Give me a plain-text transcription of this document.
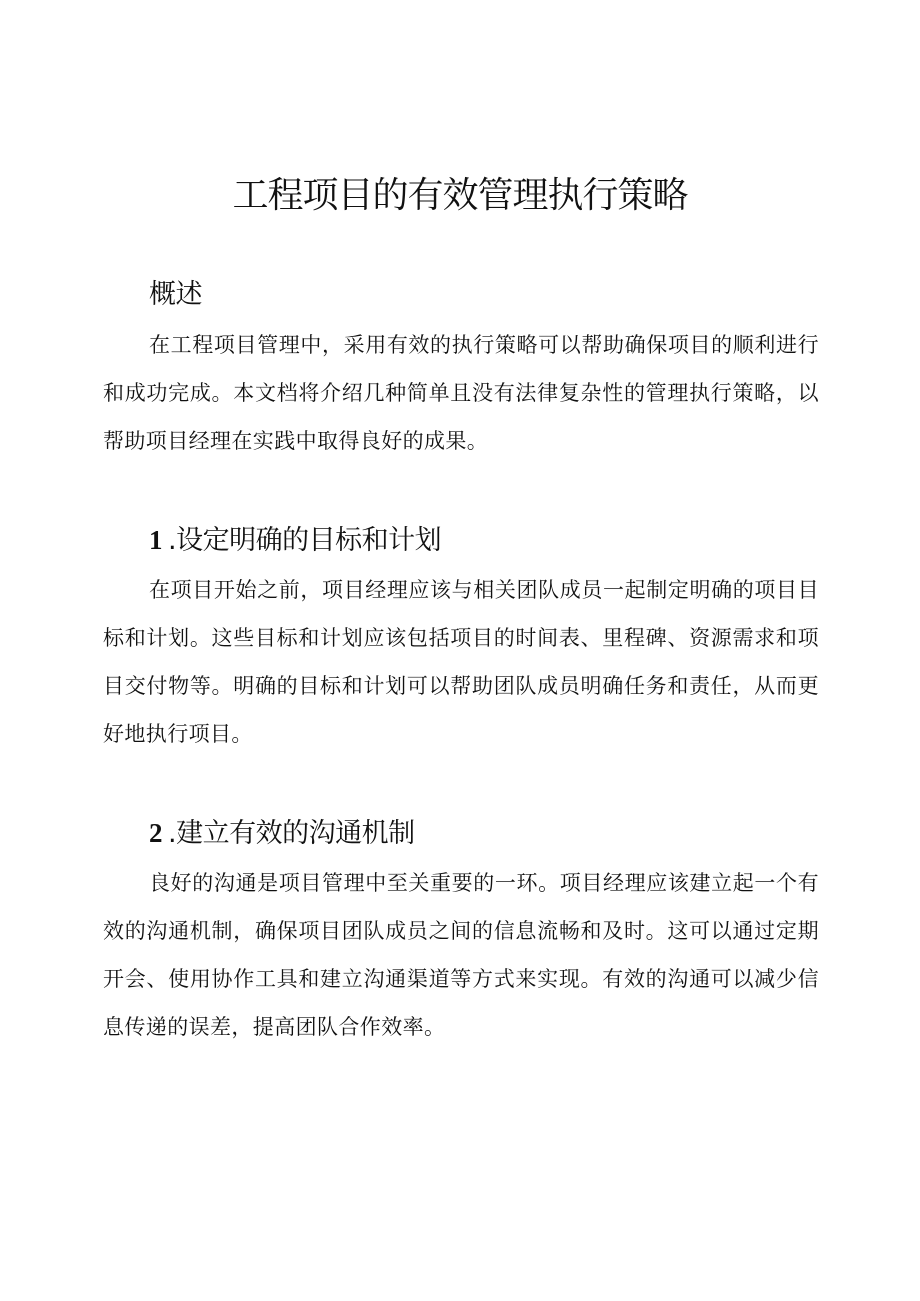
工程项目的有效管理执行策略
概述

在工程项目管理中，采用有效的执行策略可以帮助确保项目的顺利进行和成功完成。本文档将介绍几种简单且没有法律复杂性的管理执行策略，以帮助项目经理在实践中取得良好的成果。

1 .设定明确的目标和计划

在项目开始之前，项目经理应该与相关团队成员一起制定明确的项目目标和计划。这些目标和计划应该包括项目的时间表、里程碑、资源需求和项目交付物等。明确的目标和计划可以帮助团队成员明确任务和责任，从而更好地执行项目。

2 .建立有效的沟通机制

良好的沟通是项目管理中至关重要的一环。项目经理应该建立起一个有效的沟通机制，确保项目团队成员之间的信息流畅和及时。这可以通过定期开会、使用协作工具和建立沟通渠道等方式来实现。有效的沟通可以减少信息传递的误差，提高团队合作效率。
